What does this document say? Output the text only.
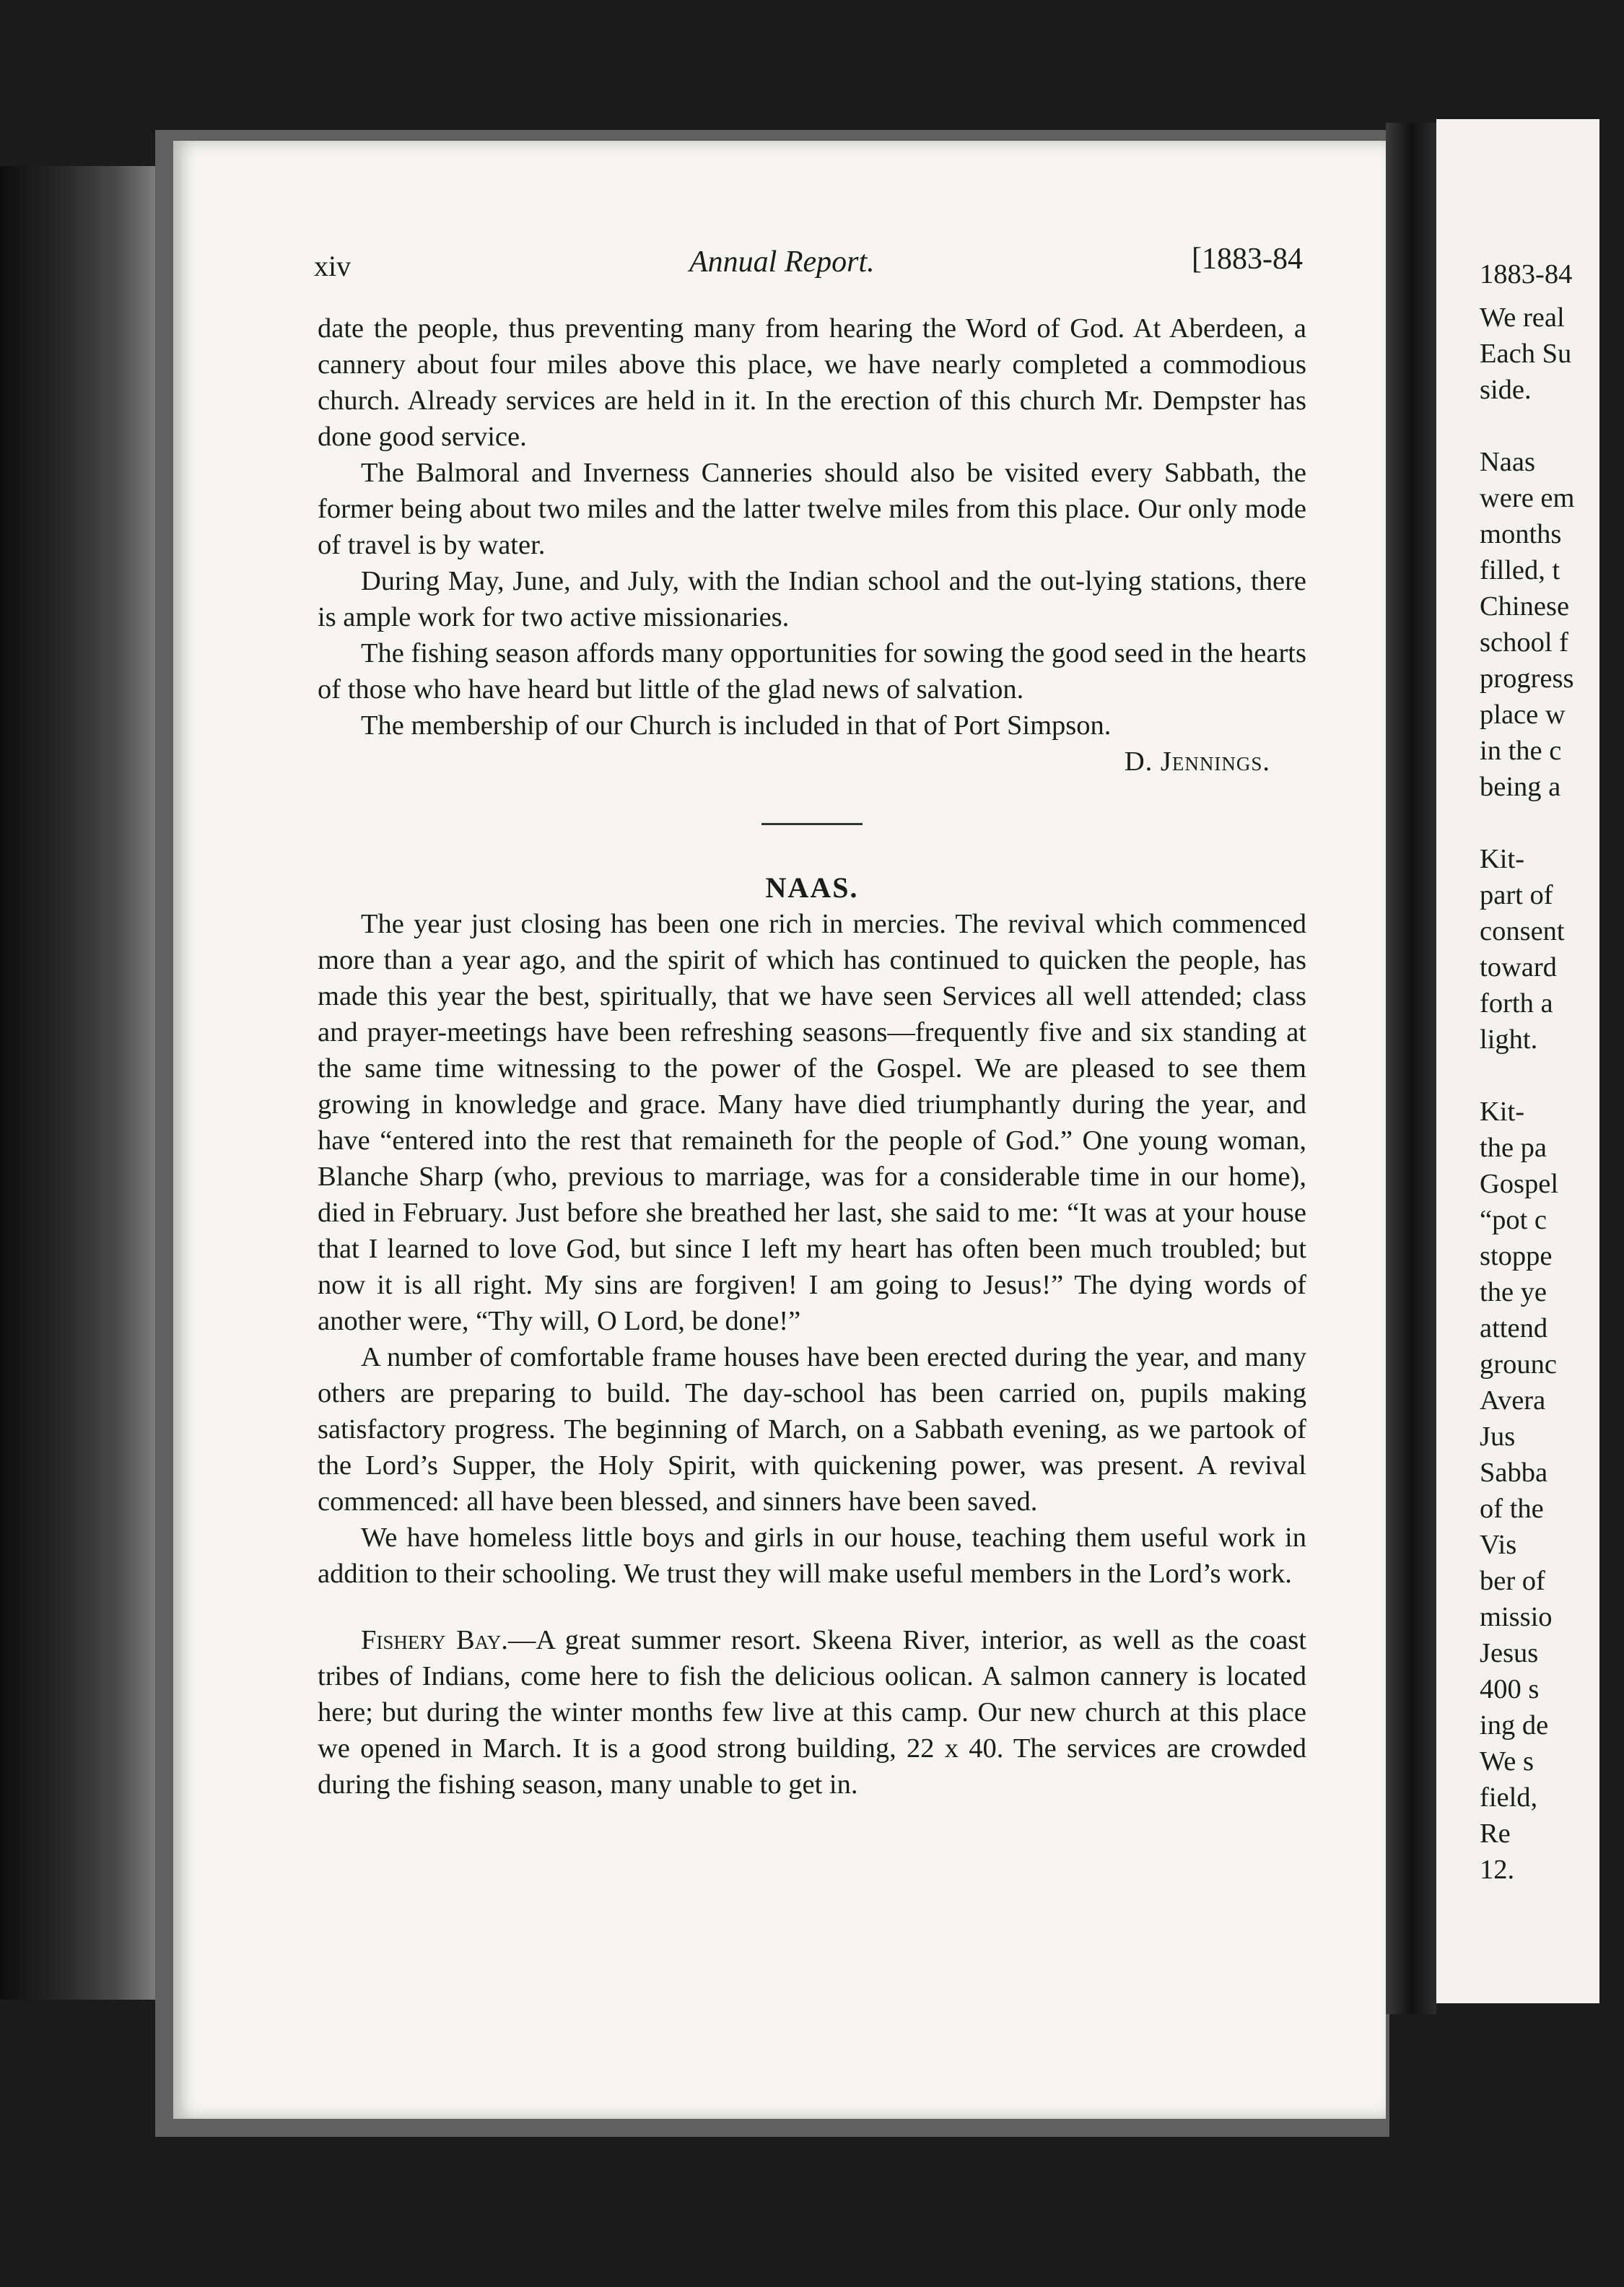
1883-84
We real
Each Su
side.
Naas
were em
months
filled, t
Chinese
school f
progress
place w
in the c
being a
Kit-
part of
consent
toward
forth a
light.
Kit-
the pa
Gospel
“pot c
stoppe
the ye
attend
grounc
Avera
Jus
Sabba
of the
Vis
ber of
missio
Jesus
400 s
ing de
We s
field,
Re
12.
Mi
year.
teach
xiv	Annual Report.	[1883-84

date the people, thus preventing many from hearing the Word of God. At Aberdeen, a cannery about four miles above this place, we have nearly completed a commodious church. Already services are held in it. In the erection of this church Mr. Dempster has done good service.

The Balmoral and Inverness Canneries should also be visited every Sabbath, the former being about two miles and the latter twelve miles from this place. Our only mode of travel is by water.

During May, June, and July, with the Indian school and the out-lying stations, there is ample work for two active missionaries.

The fishing season affords many opportunities for sowing the good seed in the hearts of those who have heard but little of the glad news of salvation.

The membership of our Church is included in that of Port Simpson.

D. Jennings.

NAAS.

The year just closing has been one rich in mercies. The revival which commenced more than a year ago, and the spirit of which has continued to quicken the people, has made this year the best, spiritually, that we have seen Services all well attended; class and prayer-meetings have been refreshing seasons—frequently five and six standing at the same time witnessing to the power of the Gospel. We are pleased to see them growing in knowledge and grace. Many have died triumphantly during the year, and have “entered into the rest that remaineth for the people of God.” One young woman, Blanche Sharp (who, previous to marriage, was for a considerable time in our home), died in February. Just before she breathed her last, she said to me: “It was at your house that I learned to love God, but since I left my heart has often been much troubled; but now it is all right. My sins are forgiven! I am going to Jesus!” The dying words of another were, “Thy will, O Lord, be done!”

A number of comfortable frame houses have been erected during the year, and many others are preparing to build. The day-school has been carried on, pupils making satisfactory progress. The beginning of March, on a Sabbath evening, as we partook of the Lord’s Supper, the Holy Spirit, with quickening power, was present. A revival commenced: all have been blessed, and sinners have been saved.

We have homeless little boys and girls in our house, teaching them useful work in addition to their schooling. We trust they will make useful members in the Lord’s work.

Fishery Bay.—A great summer resort. Skeena River, interior, as well as the coast tribes of Indians, come here to fish the delicious oolican. A salmon cannery is located here; but during the winter months few live at this camp. Our new church at this place we opened in March. It is a good strong building, 22 x 40. The services are crowded during the fishing season, many unable to get in.
